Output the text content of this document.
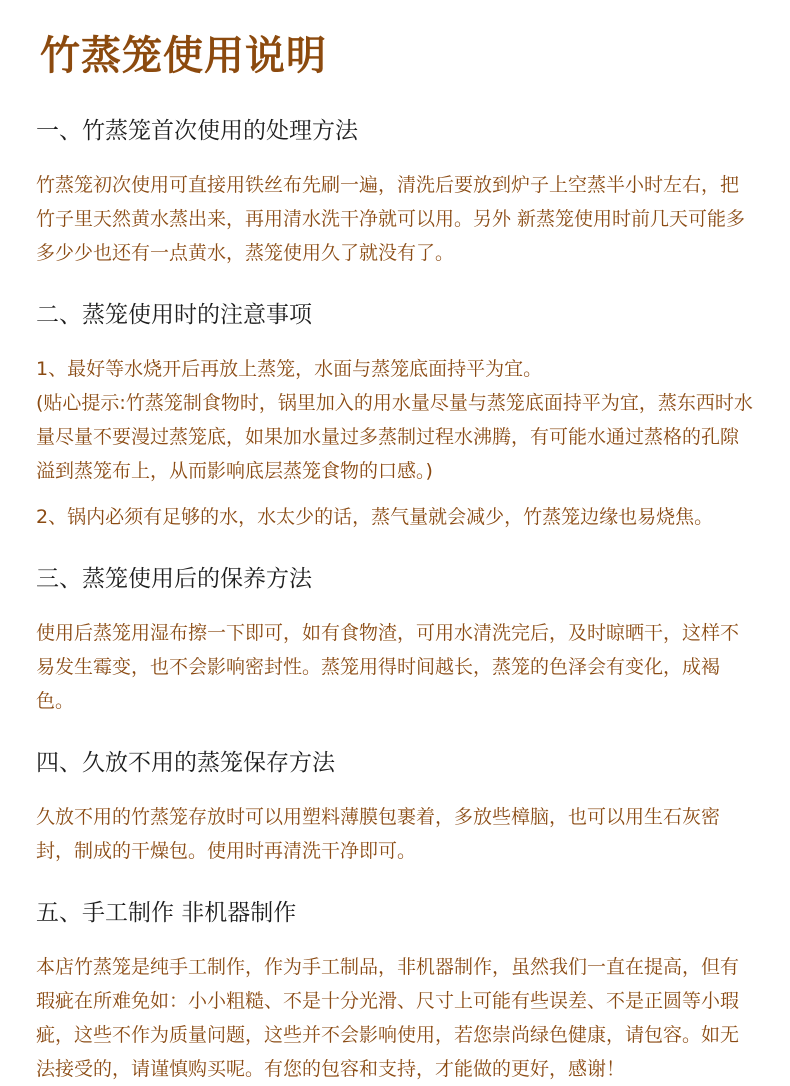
竹蒸笼使用说明
一、竹蒸笼首次使用的处理方法

竹蒸笼初次使用可直接用铁丝布先刷一遍，清洗后要放到炉子上空蒸半小时左右，把竹子里天然黄水蒸出来，再用清水洗干净就可以用。另外 新蒸笼使用时前几天可能多多少少也还有一点黄水，蒸笼使用久了就没有了。

二、蒸笼使用时的注意事项

1、最好等水烧开后再放上蒸笼，水面与蒸笼底面持平为宜。

(贴心提示:竹蒸笼制食物时，锅里加入的用水量尽量与蒸笼底面持平为宜，蒸东西时水量尽量不要漫过蒸笼底，如果加水量过多蒸制过程水沸腾，有可能水通过蒸格的孔隙溢到蒸笼布上，从而影响底层蒸笼食物的口感。)

2、锅内必须有足够的水，水太少的话，蒸气量就会减少，竹蒸笼边缘也易烧焦。

三、蒸笼使用后的保养方法

使用后蒸笼用湿布擦一下即可，如有食物渣，可用水清洗完后，及时晾晒干，这样不易发生霉变，也不会影响密封性。蒸笼用得时间越长，蒸笼的色泽会有变化，成褐色。

四、久放不用的蒸笼保存方法

久放不用的竹蒸笼存放时可以用塑料薄膜包裹着，多放些樟脑，也可以用生石灰密封，制成的干燥包。使用时再清洗干净即可。

五、手工制作 非机器制作

本店竹蒸笼是纯手工制作，作为手工制品，非机器制作，虽然我们一直在提高，但有瑕疵在所难免如：小小粗糙、不是十分光滑、尺寸上可能有些误差、不是正圆等小瑕疵，这些不作为质量问题，这些并不会影响使用，若您崇尚绿色健康，请包容。如无法接受的，请谨慎购买呢。有您的包容和支持，才能做的更好，感谢！
